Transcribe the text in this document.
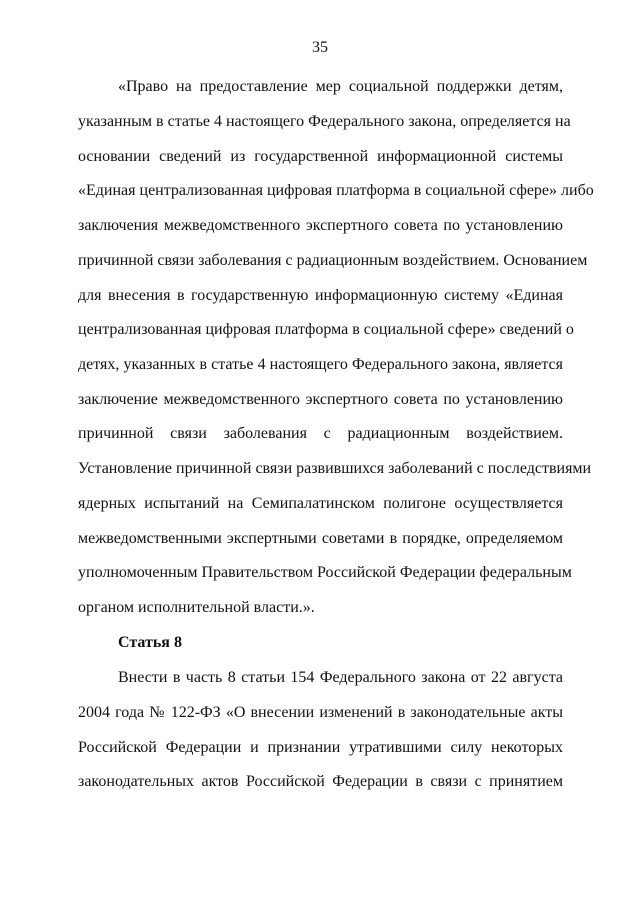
35
«Право на предоставление мер социальной поддержки детям,
указанным в статье 4 настоящего Федерального закона, определяется на
основании сведений из государственной информационной системы
«Единая централизованная цифровая платформа в социальной сфере» либо
заключения межведомственного экспертного совета по установлению
причинной связи заболевания с радиационным воздействием. Основанием
для внесения в государственную информационную систему «Единая
централизованная цифровая платформа в социальной сфере» сведений о
детях, указанных в статье 4 настоящего Федерального закона, является
заключение межведомственного экспертного совета по установлению
причинной связи заболевания с радиационным воздействием.
Установление причинной связи развившихся заболеваний с последствиями
ядерных испытаний на Семипалатинском полигоне осуществляется
межведомственными экспертными советами в порядке, определяемом
уполномоченным Правительством Российской Федерации федеральным
органом исполнительной власти.».
Статья 8
Внести в часть 8 статьи 154 Федерального закона от 22 августа
2004 года № 122-ФЗ «О внесении изменений в законодательные акты
Российской Федерации и признании утратившими силу некоторых
законодательных актов Российской Федерации в связи с принятием
